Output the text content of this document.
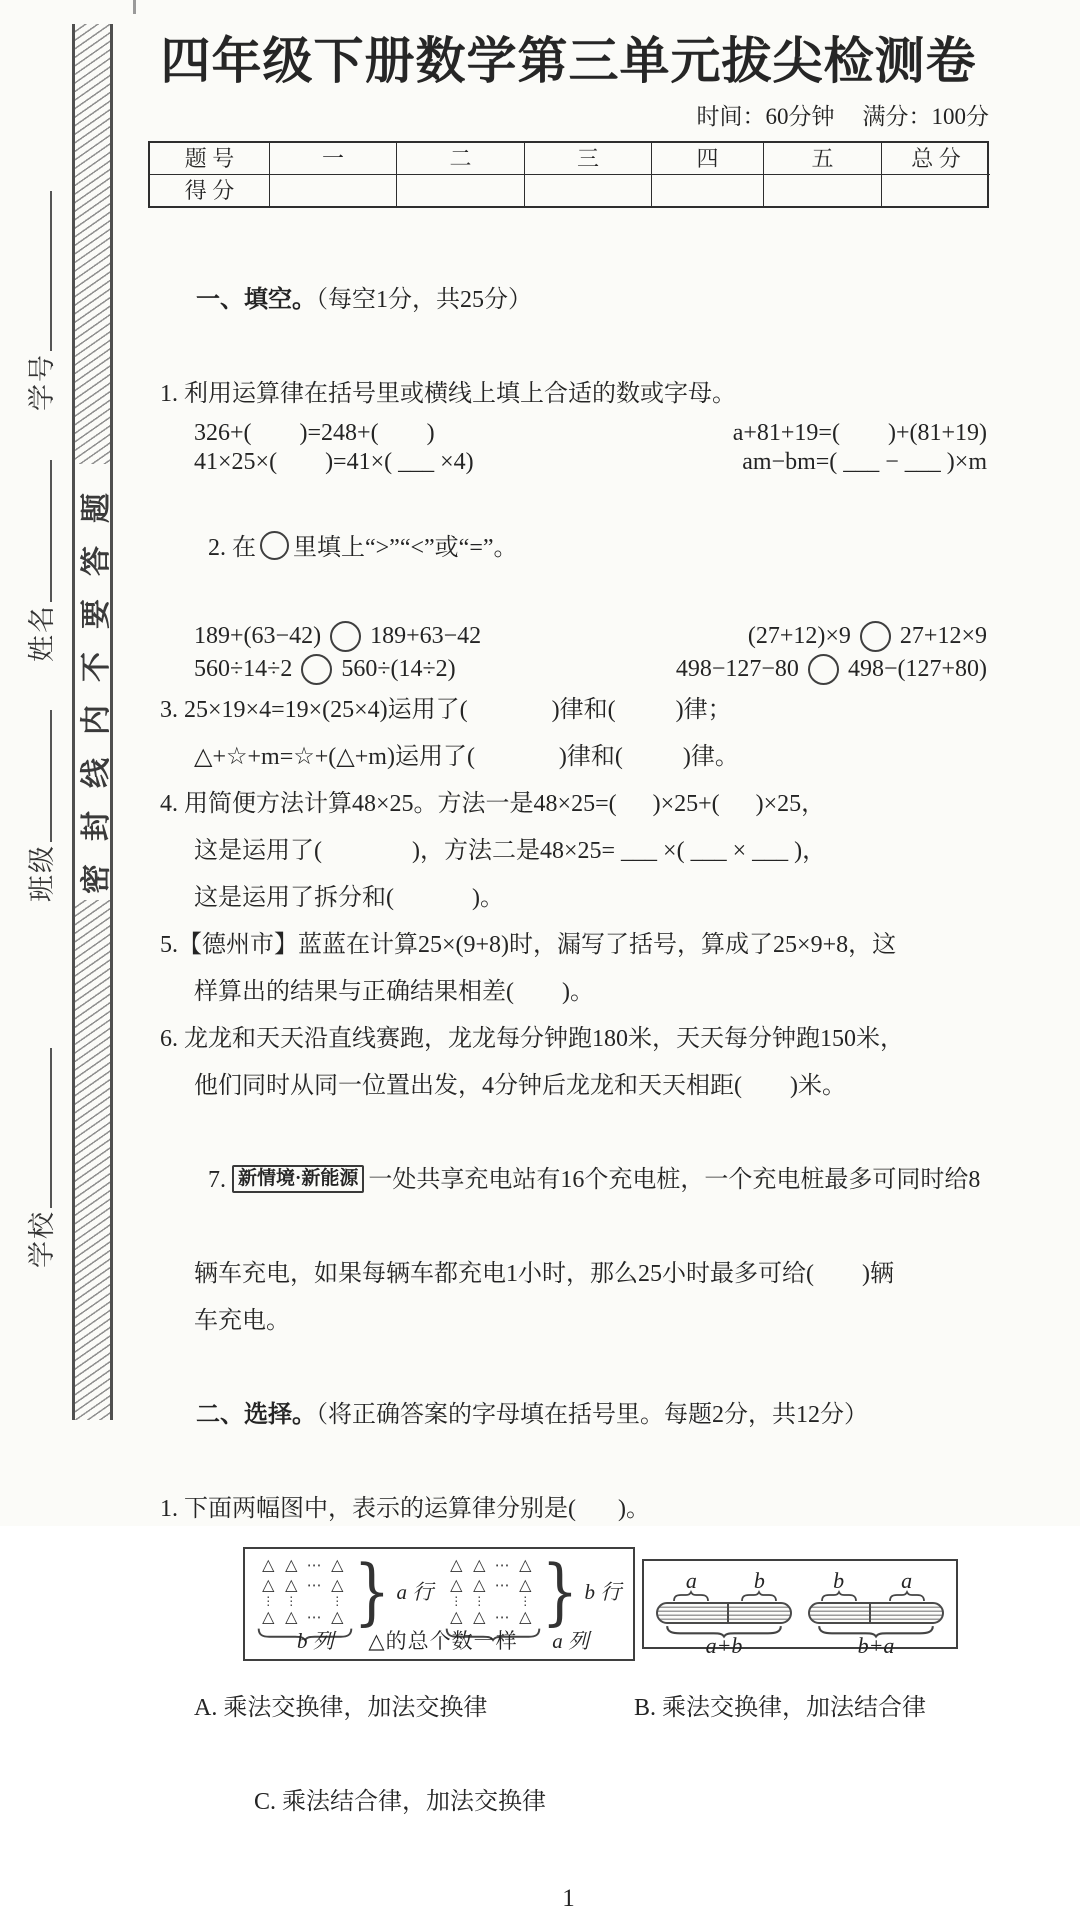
密封线内不要答题
学号
姓名
班级
学校
四年级下册数学第三单元拔尖检测卷
时间：60分钟 满分：100分
题 号	一	二	三	四	五	总 分
得 分

一、填空。（每空1分，共25分）

1. 利用运算律在括号里或横线上填上合适的数或字母。
326+(        )=248+(        )	a+81+19=(        )+(81+19)
41×25×(        )=41×( ___ ×4)	am−bm=( ___ − ___ )×m

2. 在 里填上“>”“<”或“=”。

189+(63−42) 189+63−42	(27+12)×9 27+12×9
560÷14÷2 560÷(14÷2)	498−127−80 498−(127+80)
3. 25×19×4=19×(25×4)运用了(              )律和(          )律；
△+☆+m=☆+(△+m)运用了(              )律和(          )律。
4. 用简便方法计算48×25。方法一是48×25=(      )×25+(      )×25，
这是运用了(               )，方法二是48×25= ___ ×( ___ × ___ )，
这是运用了拆分和(             )。
5.【德州市】蓝蓝在计算25×(9+8)时，漏写了括号，算成了25×9+8，这
样算出的结果与正确结果相差(        )。
6. 龙龙和天天沿直线赛跑，龙龙每分钟跑180米，天天每分钟跑150米，
他们同时从同一位置出发，4分钟后龙龙和天天相距(        )米。

7. 新情境·新能源 一处共享充电站有16个充电桩，一个充电桩最多可同时给8

辆车充电，如果每辆车都充电1小时，那么25小时最多可给(        )辆
车充电。

二、选择。（将正确答案的字母填在括号里。每题2分，共12分）

1. 下面两幅图中，表示的运算律分别是(       )。
△ △ ⋯ △
△ △ ⋯ △
⋮ ⋮	⋮
△ △ ⋯ △ } a 行
△ △ ⋯ △
△ △ ⋯ △
⋮ ⋮	⋮
△ △ ⋯ △ } b 行
b 列 △的总个数一样 a 列
a	b
a+b
b	a
b+a
A. 乘法交换律，加法交换律	B. 乘法交换律，加法结合律

C. 乘法结合律，加法交换律

1
